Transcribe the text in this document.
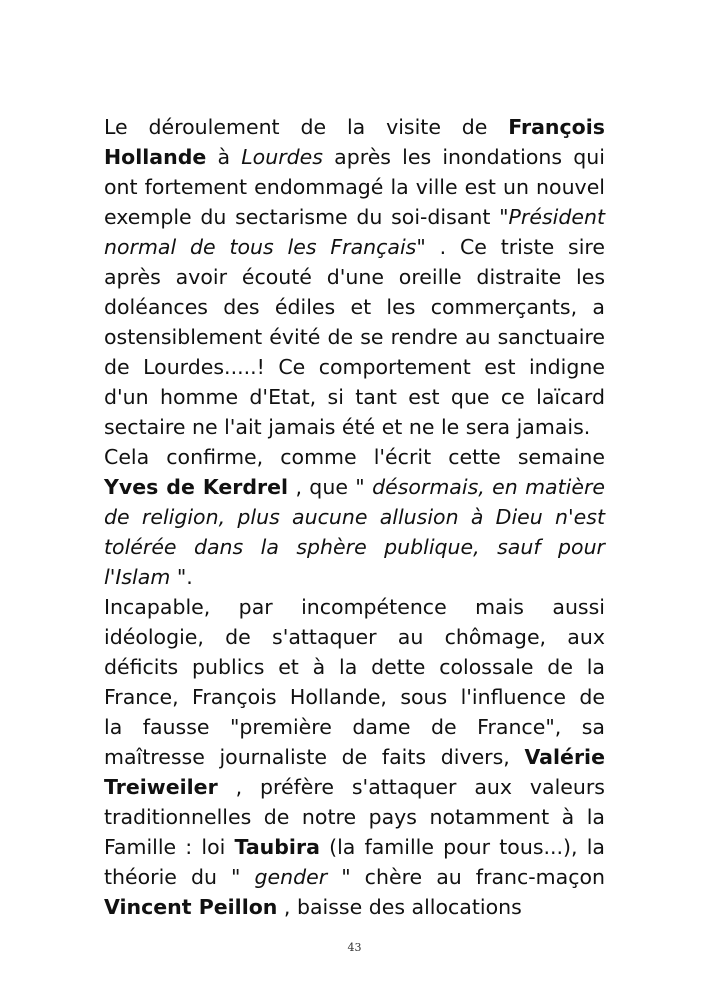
Le déroulement de la visite de François
Hollande à Lourdes après les inondations qui
ont fortement endommagé la ville est un nouvel
exemple du sectarisme du soi-disant "Président
normal de tous les Français" . Ce triste sire
après avoir écouté d'une oreille distraite les
doléances des édiles et les commerçants, a
ostensiblement évité de se rendre au sanctuaire
de Lourdes.....! Ce comportement est indigne
d'un homme d'Etat, si tant est que ce laïcard
sectaire ne l'ait jamais été et ne le sera jamais.
Cela confirme, comme l'écrit cette semaine
Yves de Kerdrel , que " désormais, en matière
de religion, plus aucune allusion à Dieu n'est
tolérée dans la sphère publique, sauf pour
l'Islam ".
Incapable, par incompétence mais aussi
idéologie, de s'attaquer au chômage, aux
déficits publics et à la dette colossale de la
France, François Hollande, sous l'influence de
la fausse "première dame de France", sa
maîtresse journaliste de faits divers, Valérie
Treiweiler , préfère s'attaquer aux valeurs
traditionnelles de notre pays notamment à la
Famille : loi Taubira (la famille pour tous...), la
théorie du " gender " chère au franc-maçon
Vincent Peillon , baisse des allocations
43
